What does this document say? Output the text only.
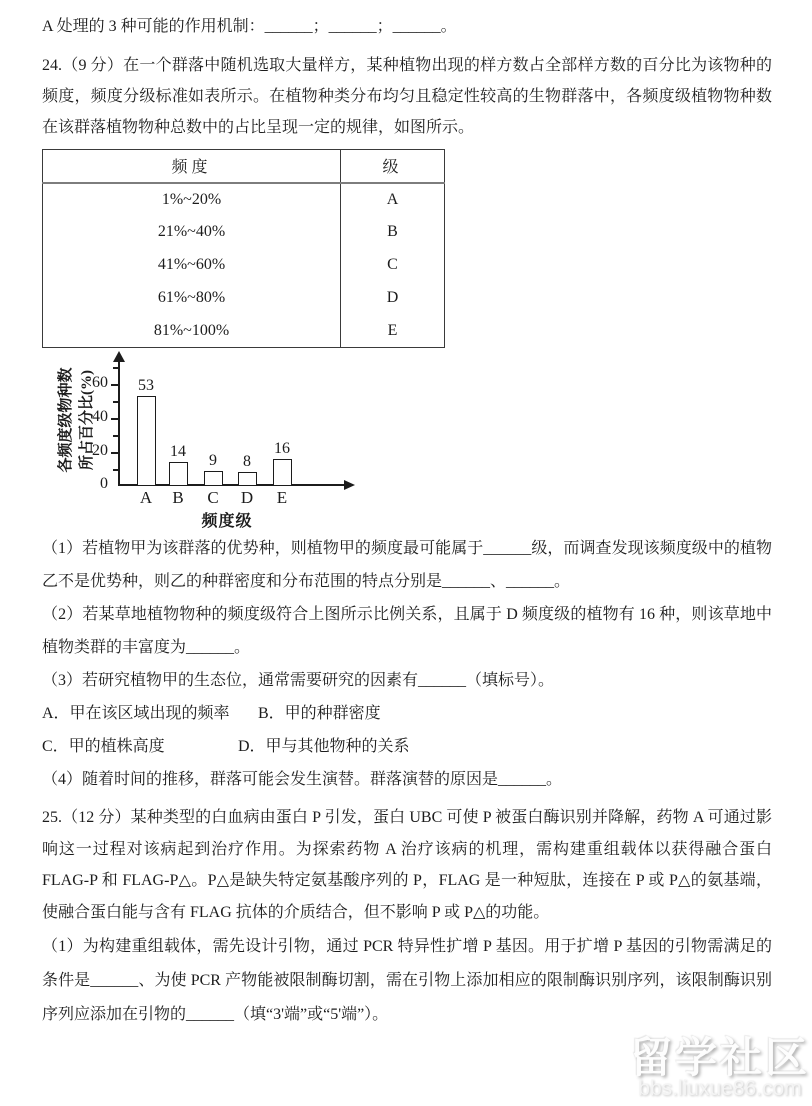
A 处理的 3 种可能的作用机制：______；______；______。

24.（9 分）在一个群落中随机选取大量样方，某种植物出现的样方数占全部样方数的百分比为该物种的频度，频度分级标准如表所示。在植物种类分布均匀且稳定性较高的生物群落中，各频度级植物物种数在该群落植物物种总数中的占比呈现一定的规律，如图所示。

频度	级
1%~20%	A
21%~40%	B
41%~60%	C
61%~80%	D
81%~100%	E
各频度级物种数 所占百分比(%)
60
40
20
0
53
14
9 8
16
A	B	C	D	E
频度级

（1）若植物甲为该群落的优势种，则植物甲的频度最可能属于______级，而调查发现该频度级中的植物乙不是优势种，则乙的种群密度和分布范围的特点分别是______、______。

（2）若某草地植物物种的频度级符合上图所示比例关系，且属于 D 频度级的植物有 16 种，则该草地中植物类群的丰富度为______。

（3）若研究植物甲的生态位，通常需要研究的因素有______（填标号）。

A．甲在该区域出现的频率 B．甲的种群密度

C．甲的植株高度	D．甲与其他物种的关系

（4）随着时间的推移，群落可能会发生演替。群落演替的原因是______。

25.（12 分）某种类型的白血病由蛋白 P 引发，蛋白 UBC 可使 P 被蛋白酶识别并降解，药物 A 可通过影响这一过程对该病起到治疗作用。为探索药物 A 治疗该病的机理，需构建重组载体以获得融合蛋白 FLAG-P 和 FLAG-P△。P△是缺失特定氨基酸序列的 P，FLAG 是一种短肽，连接在 P 或 P△的氨基端，使融合蛋白能与含有 FLAG 抗体的介质结合，但不影响 P 或 P△的功能。

（1）为构建重组载体，需先设计引物，通过 PCR 特异性扩增 P 基因。用于扩增 P 基因的引物需满足的条件是______、为使 PCR 产物能被限制酶切割，需在引物上添加相应的限制酶识别序列，该限制酶识别序列应添加在引物的______（填“3'端”或“5'端”）。

留学社区
bbs.liuxue86.com
